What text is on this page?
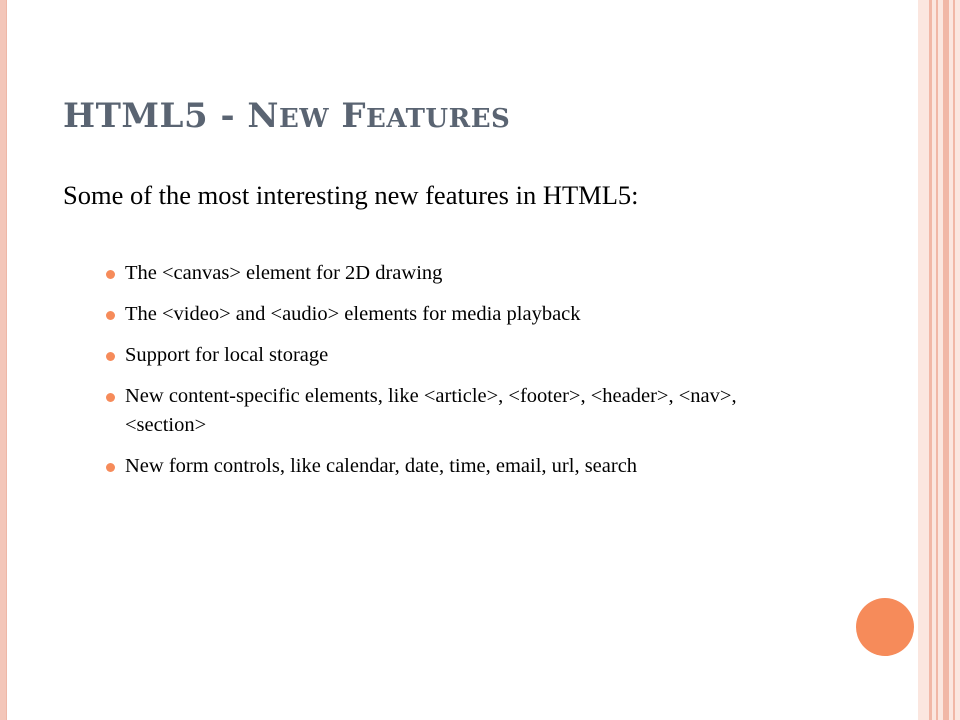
HTML5 - NEW FEATURES

Some of the most interesting new features in HTML5:

The <canvas> element for 2D drawing
The <video> and <audio> elements for media playback
Support for local storage
New content-specific elements, like <article>, <footer>, <header>, <nav>, <section>
New form controls, like calendar, date, time, email, url, search
